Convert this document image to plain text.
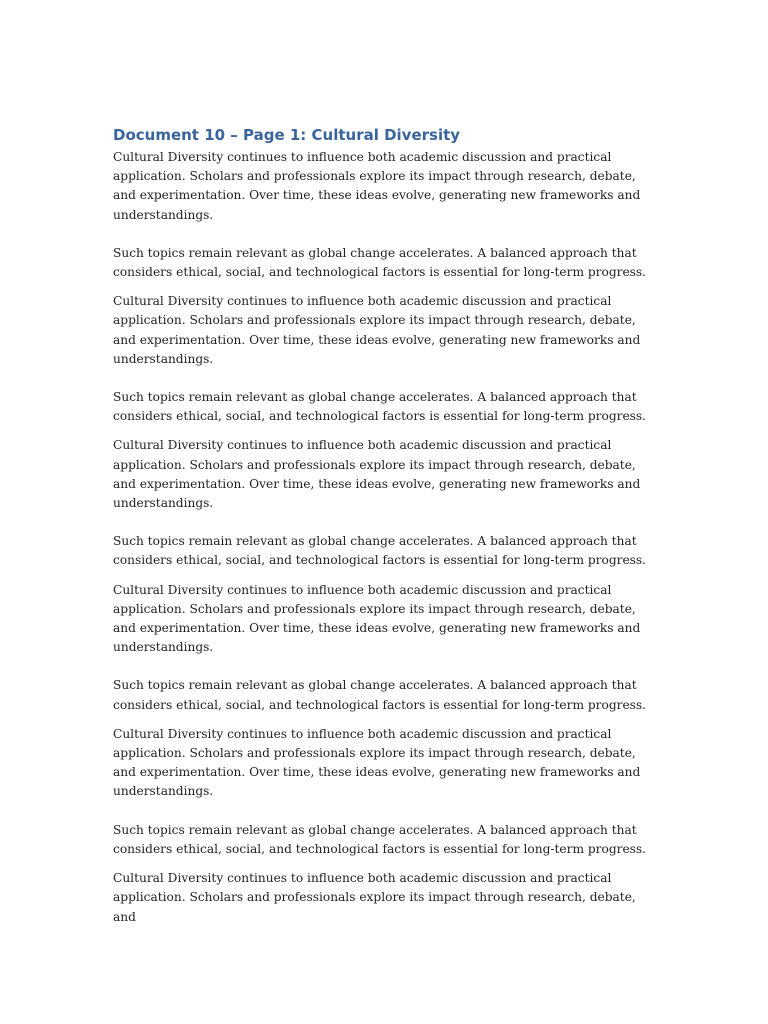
Document 10 – Page 1: Cultural Diversity

Cultural Diversity continues to influence both academic discussion and practical application. Scholars and professionals explore its impact through research, debate, and experimentation. Over time, these ideas evolve, generating new frameworks and understandings.

Such topics remain relevant as global change accelerates. A balanced approach that considers ethical, social, and technological factors is essential for long-term progress.

Cultural Diversity continues to influence both academic discussion and practical application. Scholars and professionals explore its impact through research, debate, and experimentation. Over time, these ideas evolve, generating new frameworks and understandings.

Such topics remain relevant as global change accelerates. A balanced approach that considers ethical, social, and technological factors is essential for long-term progress.

Cultural Diversity continues to influence both academic discussion and practical application. Scholars and professionals explore its impact through research, debate, and experimentation. Over time, these ideas evolve, generating new frameworks and understandings.

Such topics remain relevant as global change accelerates. A balanced approach that considers ethical, social, and technological factors is essential for long-term progress.

Cultural Diversity continues to influence both academic discussion and practical application. Scholars and professionals explore its impact through research, debate, and experimentation. Over time, these ideas evolve, generating new frameworks and understandings.

Such topics remain relevant as global change accelerates. A balanced approach that considers ethical, social, and technological factors is essential for long-term progress.

Cultural Diversity continues to influence both academic discussion and practical application. Scholars and professionals explore its impact through research, debate, and experimentation. Over time, these ideas evolve, generating new frameworks and understandings.

Such topics remain relevant as global change accelerates. A balanced approach that considers ethical, social, and technological factors is essential for long-term progress.

Cultural Diversity continues to influence both academic discussion and practical application. Scholars and professionals explore its impact through research, debate, and
